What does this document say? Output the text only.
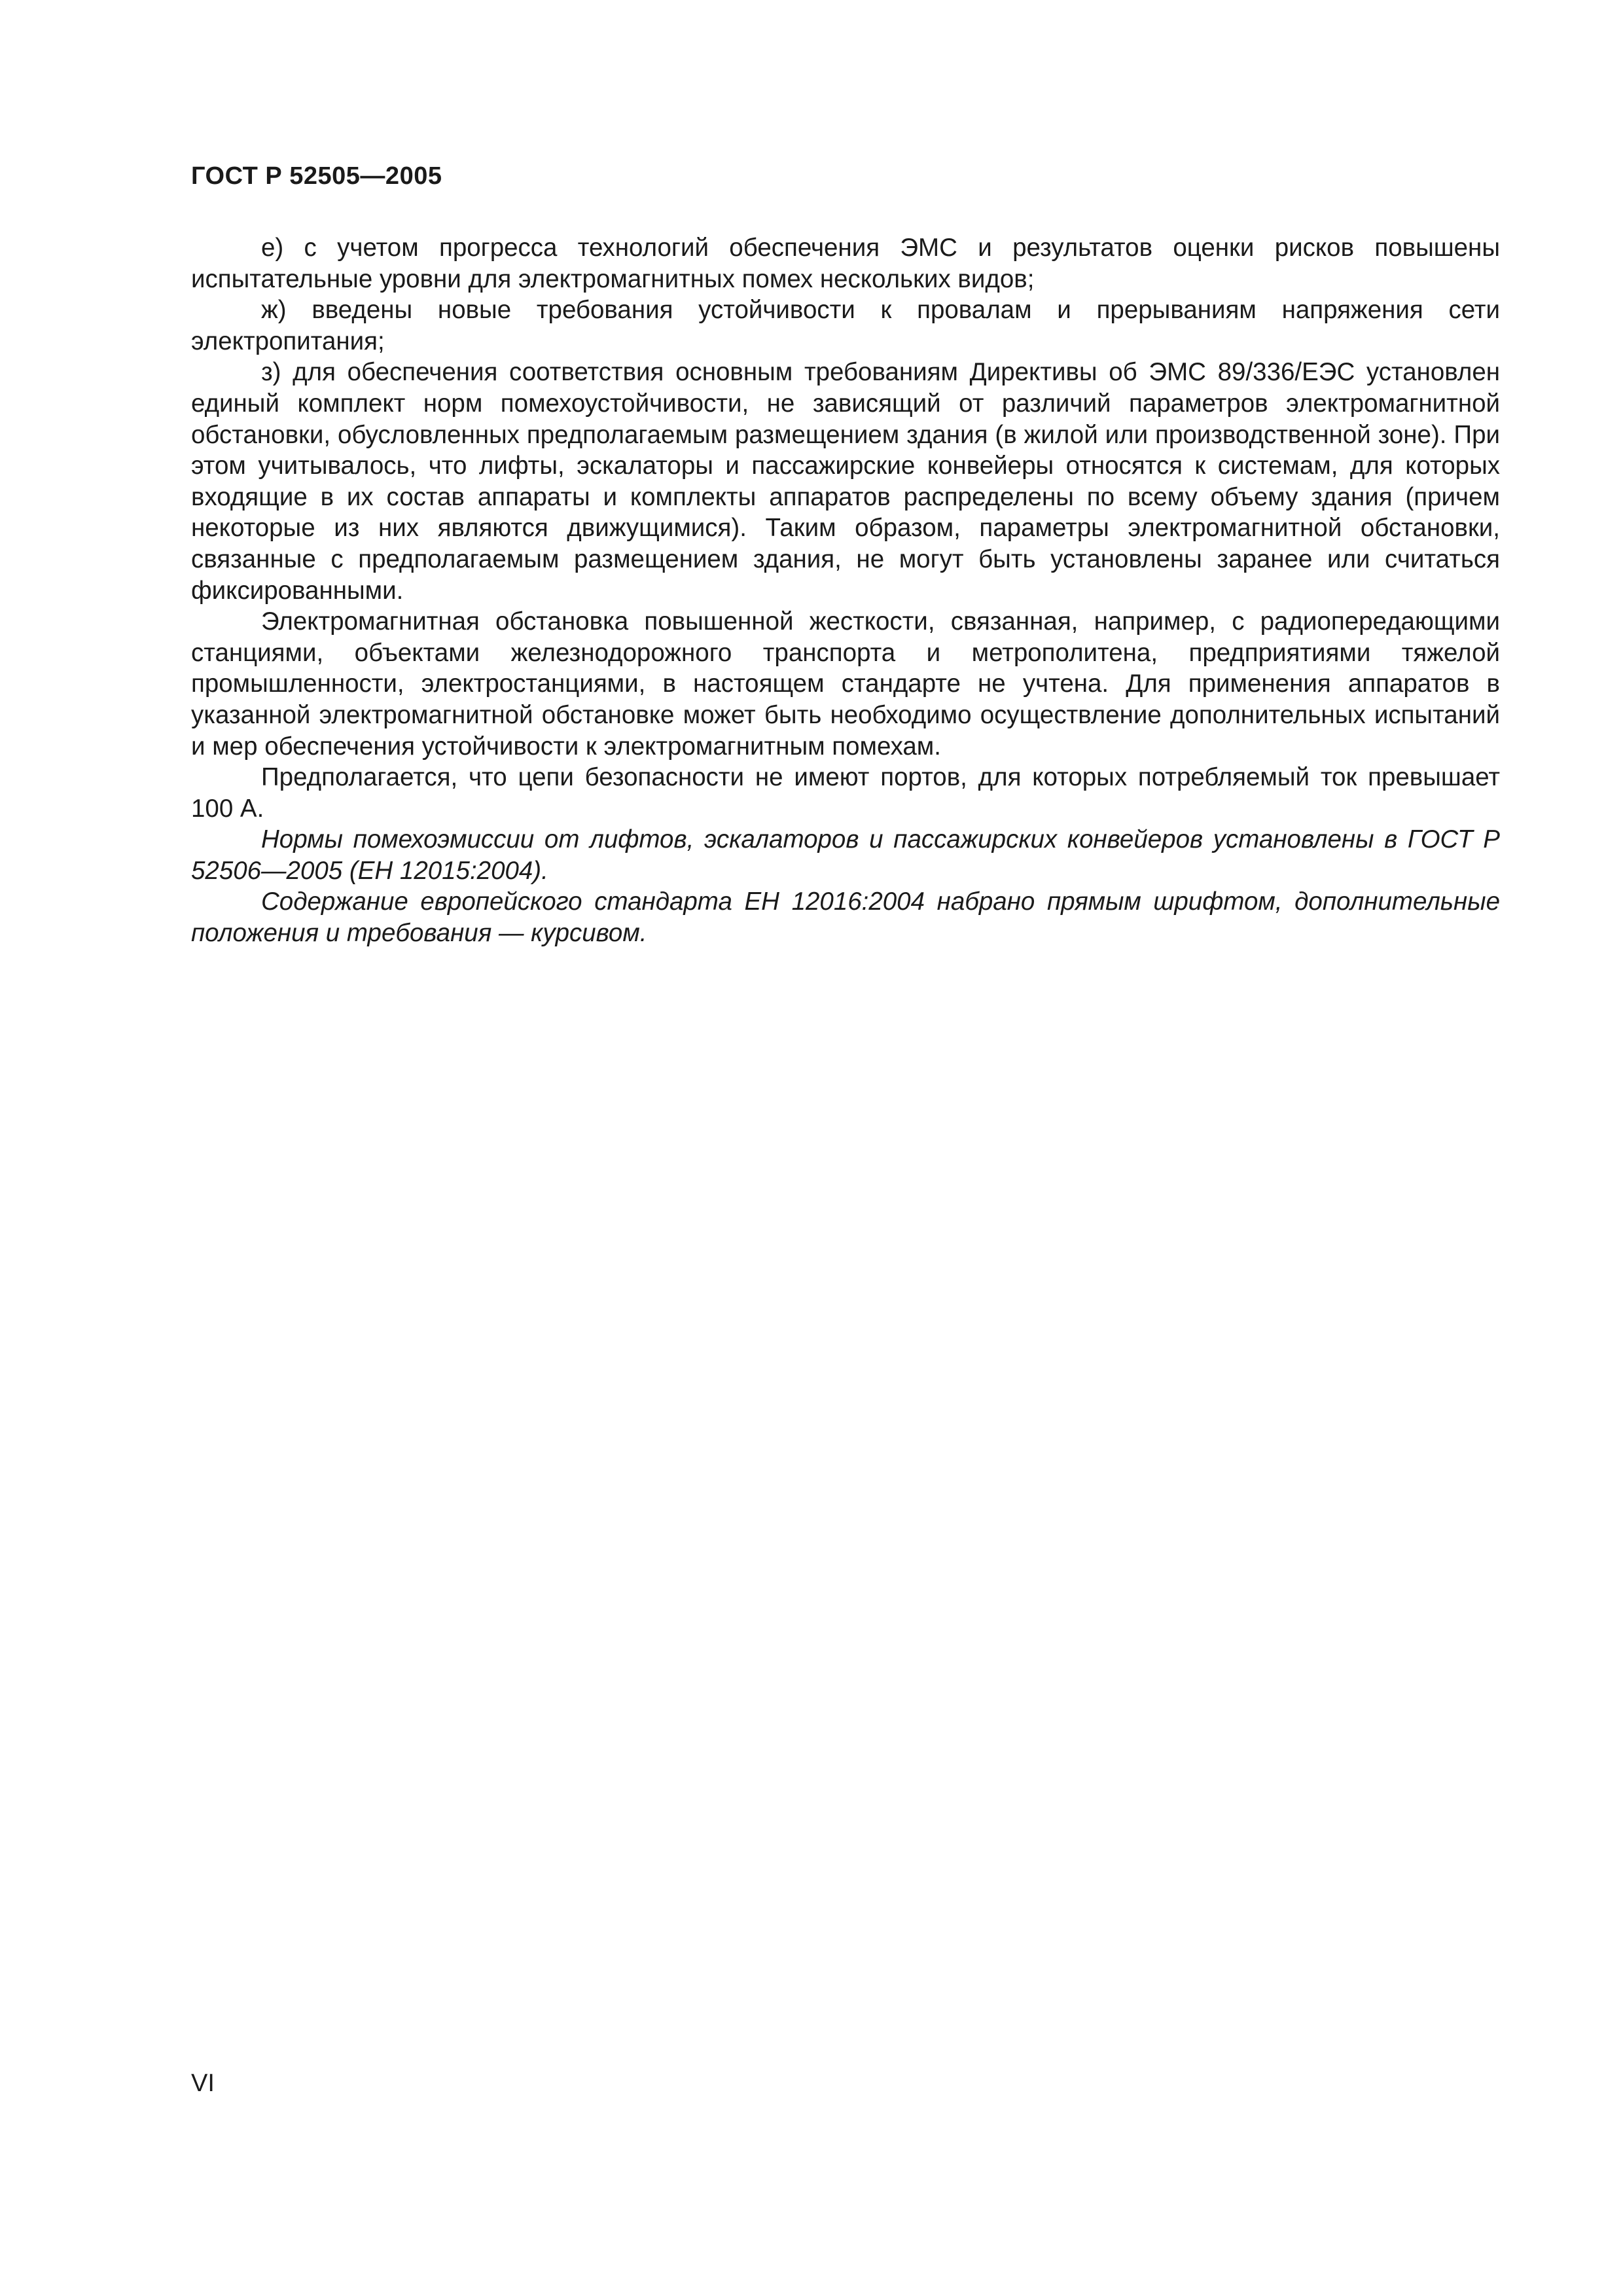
ГОСТ Р 52505—2005

е) с учетом прогресса технологий обеспечения ЭМС и результатов оценки рисков повышены испытательные уровни для электромагнитных помех нескольких видов;

ж) введены новые требования устойчивости к провалам и прерываниям напряжения сети электропитания;

з) для обеспечения соответствия основным требованиям Директивы об ЭМС 89/336/ЕЭС установлен единый комплект норм помехоустойчивости, не зависящий от различий параметров электромагнитной обстановки, обусловленных предполагаемым размещением здания (в жилой или производственной зоне). При этом учитывалось, что лифты, эскалаторы и пассажирские конвейеры относятся к системам, для которых входящие в их состав аппараты и комплекты аппаратов распределены по всему объему здания (причем некоторые из них являются движущимися). Таким образом, параметры электромагнитной обстановки, связанные с предполагаемым размещением здания, не могут быть установлены заранее или считаться фиксированными.

Электромагнитная обстановка повышенной жесткости, связанная, например, с радиопередающими станциями, объектами железнодорожного транспорта и метрополитена, предприятиями тяжелой промышленности, электростанциями, в настоящем стандарте не учтена. Для применения аппаратов в указанной электромагнитной обстановке может быть необходимо осуществление дополнительных испытаний и мер обеспечения устойчивости к электромагнитным помехам.

Предполагается, что цепи безопасности не имеют портов, для которых потребляемый ток превышает 100 А.

Нормы помехоэмиссии от лифтов, эскалаторов и пассажирских конвейеров установлены в ГОСТ Р 52506—2005 (ЕН 12015:2004).

Содержание европейского стандарта ЕН 12016:2004 набрано прямым шрифтом, дополнительные положения и требования — курсивом.

VI
